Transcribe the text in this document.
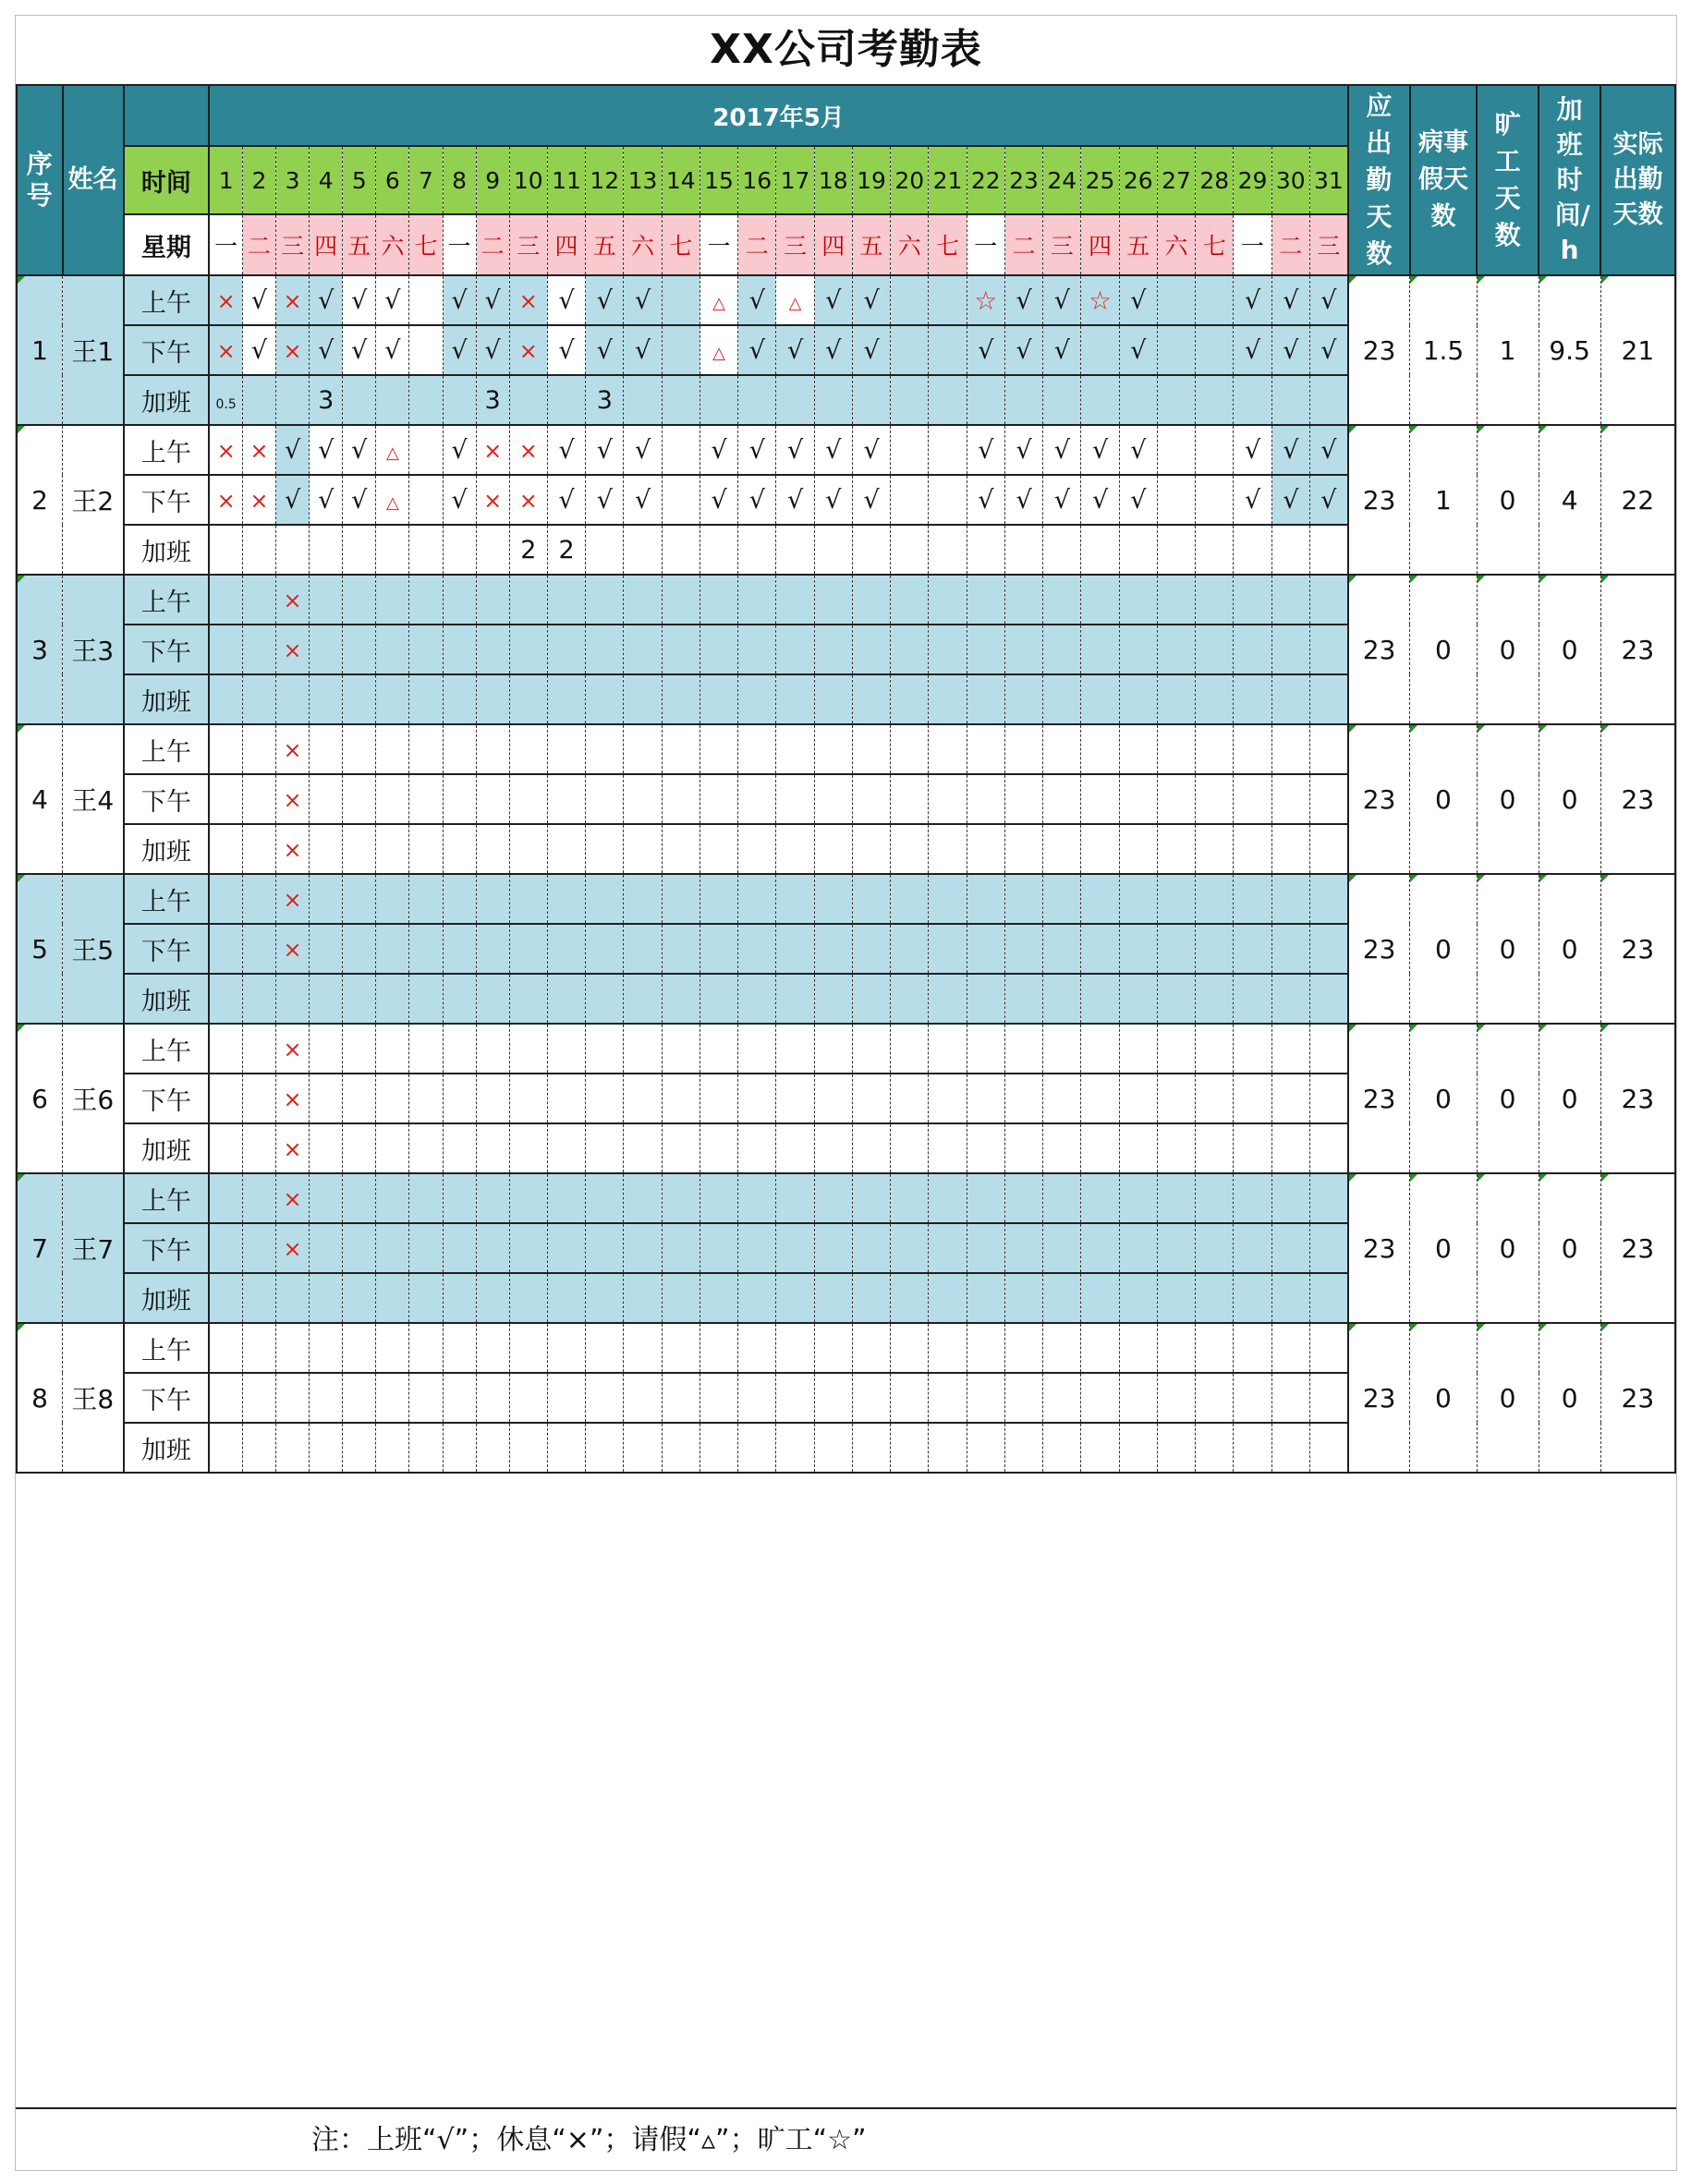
XX公司考勤表
序号	姓名		2017年5月																															应出勤天数	病事假天数	旷工天数	加班时间/h	实际出勤天数
		时间	1	2	3	4	5	6	7	8	9	10	11	12	13	14	15	16	17	18	19	20	21	22	23	24	25	26	27	28	29	30	31					
		星期	一	二	三	四	五	六	七	一	二	三	四	五	六	七	一	二	三	四	五	六	七	一	二	三	四	五	六	七	一	二	三					

1	王1	上午	×	√	×	√	√	√		√	√	×	√	√	√		△	√	△	√	√			☆	√	√	☆	√			√	√	√	23	1.5	1	9.5	21
		下午	×	√	×	√	√	√		√	√	×	√	√	√		△	√	√	√	√			√	√	√		√			√	√	√					
		加班	0.5			3					3			3																								

2	王2	上午	×	×	√	√	√	△		√	×	×	√	√	√		√	√	√	√	√			√	√	√	√	√			√	√	√	23	1	0	4	22
		下午	×	×	√	√	√	△		√	×	×	√	√	√		√	√	√	√	√			√	√	√	√	√			√	√	√					
		加班										2	2																									

3	王3	上午			×																													23	0	0	0	23
		下午			×																																	
		加班																																				

4	王4	上午			×																													23	0	0	0	23
		下午			×																																	
		加班			×																																	

5	王5	上午			×																													23	0	0	0	23
		下午			×																																	
		加班																																				

6	王6	上午			×																													23	0	0	0	23
		下午			×																																	
		加班			×																																	

7	王7	上午			×																													23	0	0	0	23
		下午			×																																	
		加班																																				

8	王8	上午																																23	0	0	0	23
		下午																																				
		加班																																				
注：上班“√”；休息“×”；请假“▵”；旷工“☆”
